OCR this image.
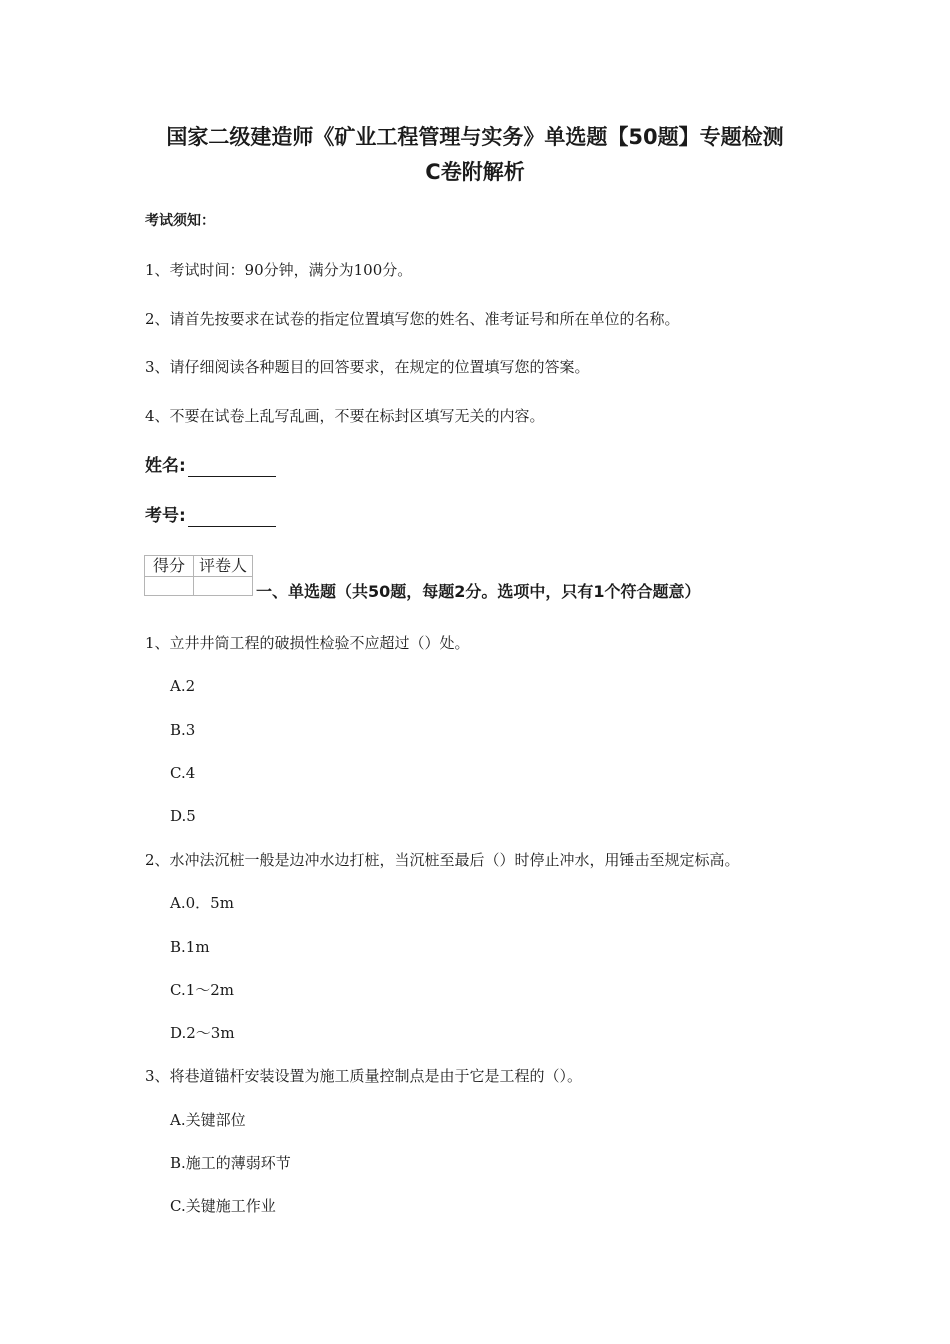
国家二级建造师《矿业工程管理与实务》单选题【50题】专题检测
C卷附解析
考试须知：
1、考试时间：90分钟，满分为100分。
2、请首先按要求在试卷的指定位置填写您的姓名、准考证号和所在单位的名称。
3、请仔细阅读各种题目的回答要求，在规定的位置填写您的答案。
4、不要在试卷上乱写乱画，不要在标封区填写无关的内容。
姓名:
考号:
得分	评卷人

一、单选题（共50题，每题2分。选项中，只有1个符合题意）
1、立井井筒工程的破损性检验不应超过（）处。
A.2
B.3
C.4
D.5
2、水冲法沉桩一般是边冲水边打桩，当沉桩至最后（）时停止冲水，用锤击至规定标高。
A.0．5m
B.1m
C.1～2m
D.2～3m
3、将巷道锚杆安装设置为施工质量控制点是由于它是工程的（）。
A.关键部位
B.施工的薄弱环节
C.关键施工作业
